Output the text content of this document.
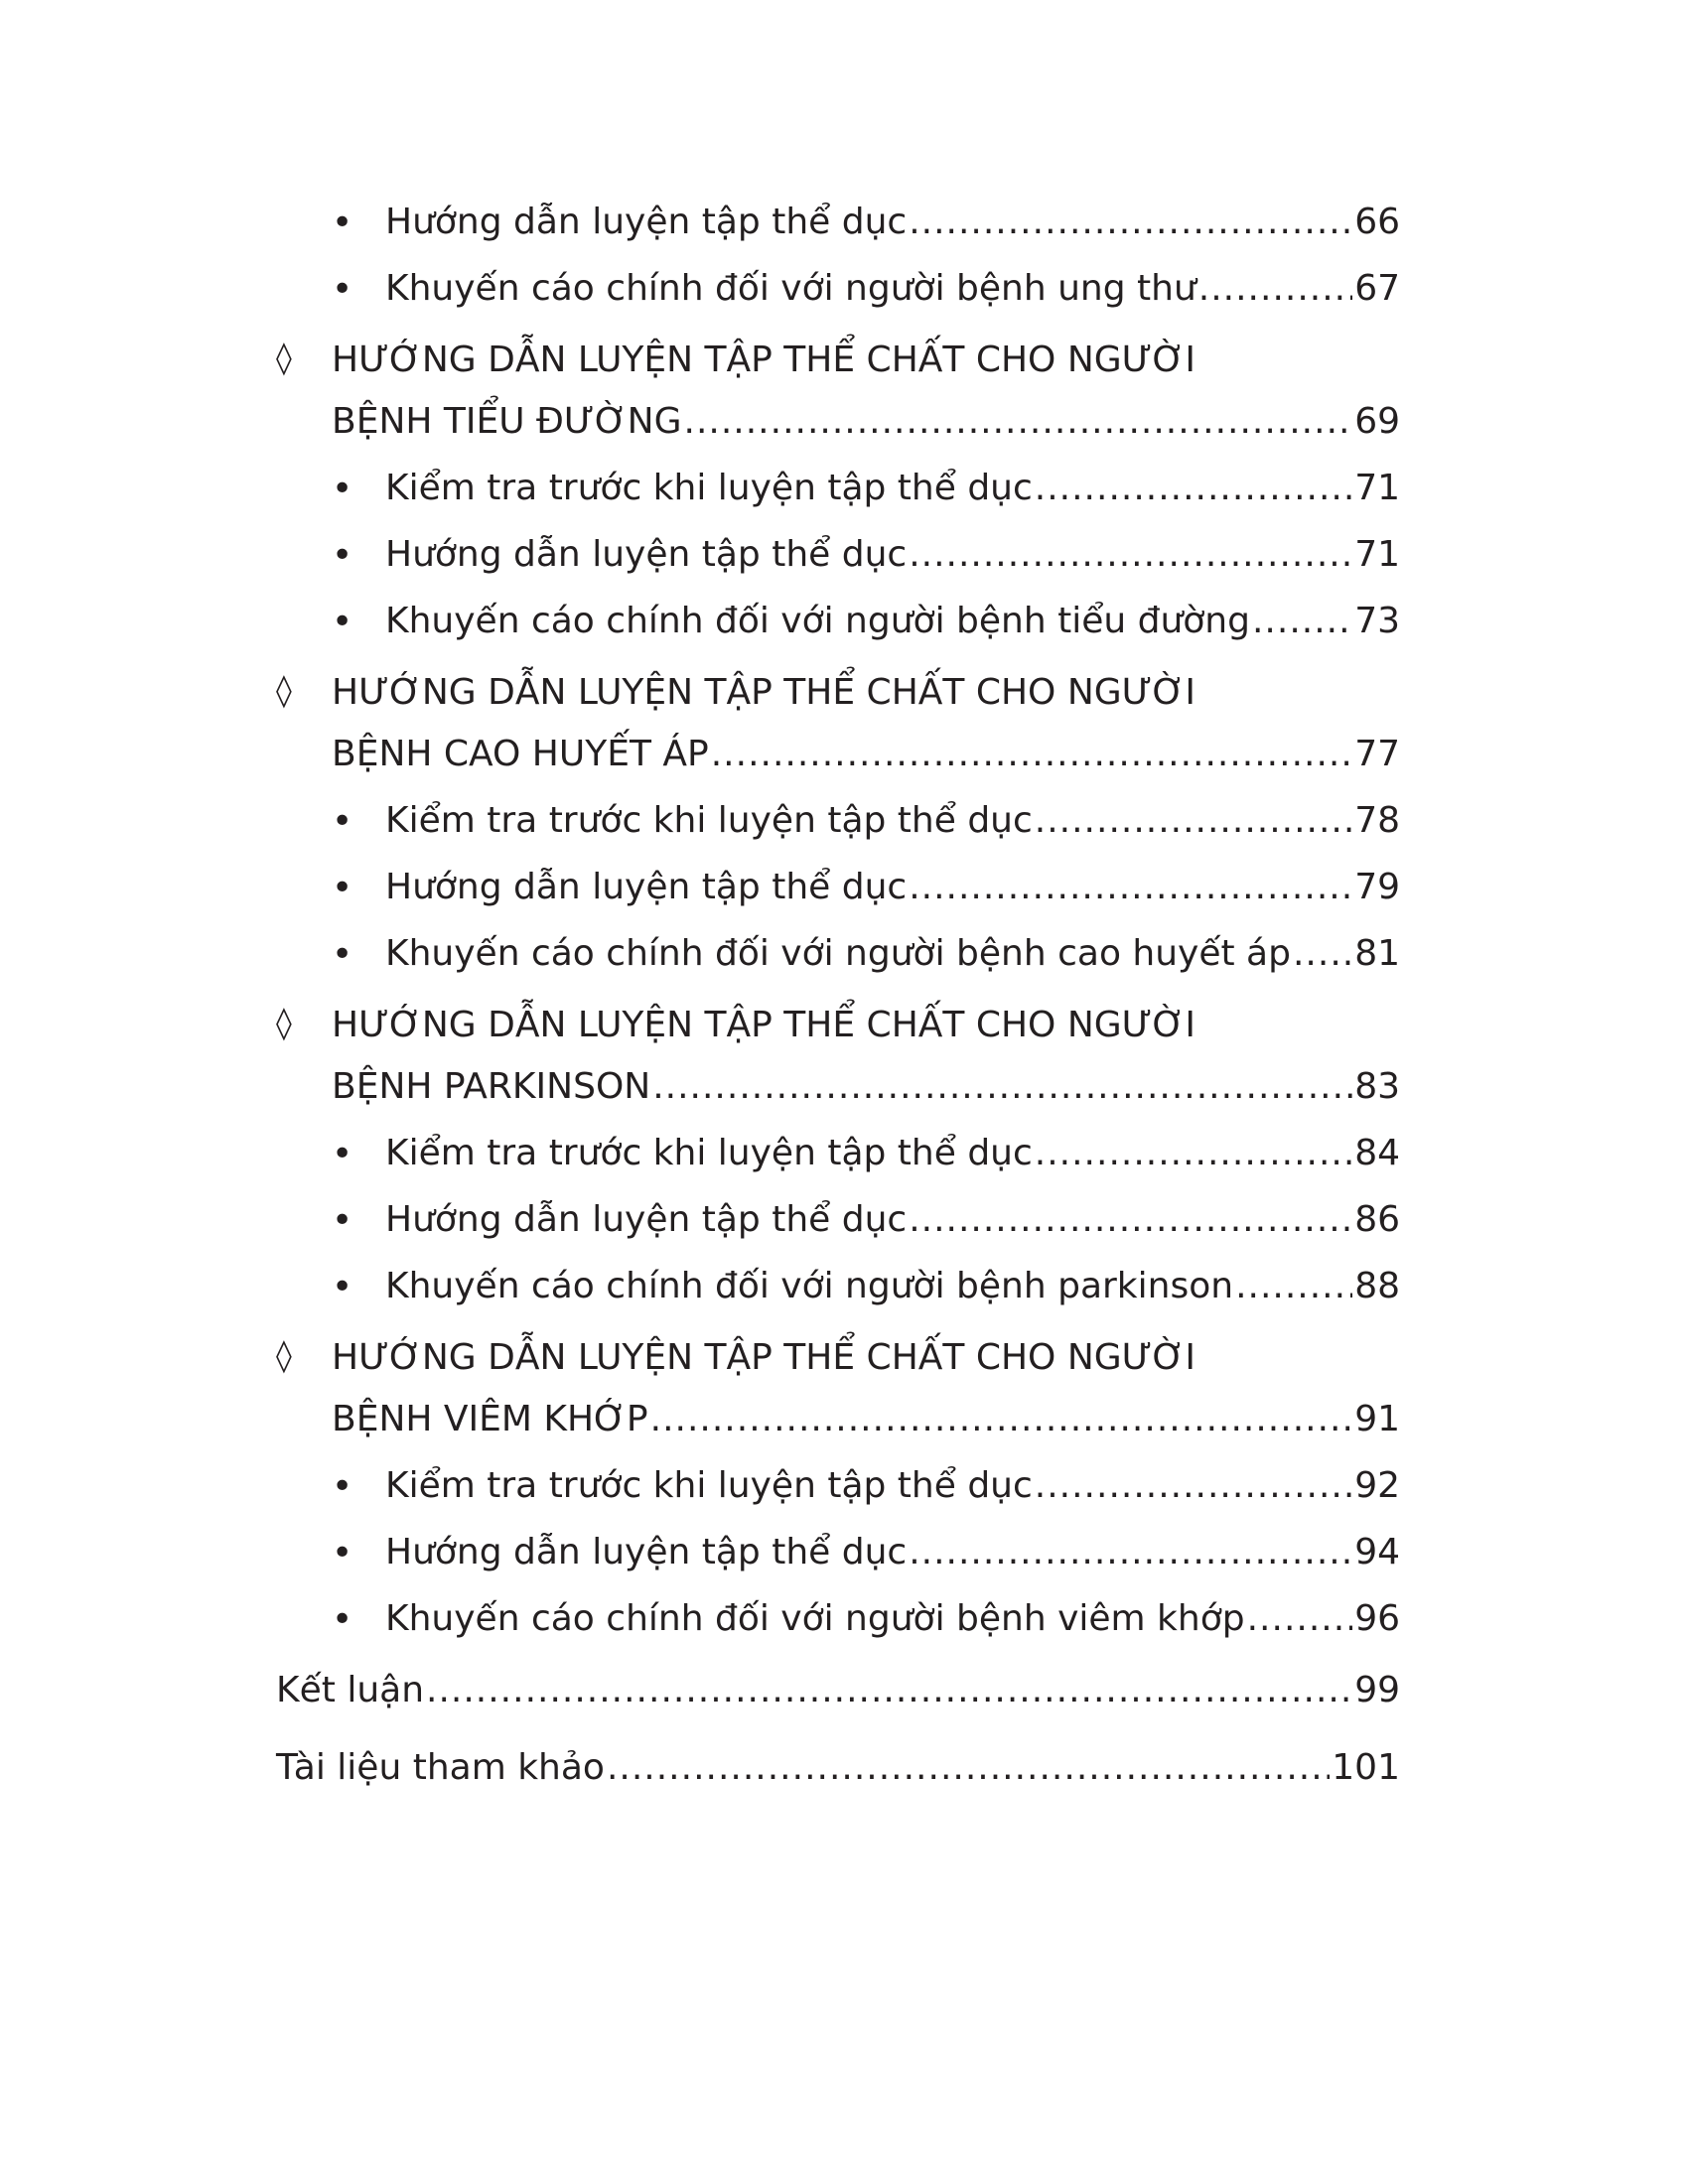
• Hướng dẫn luyện tập thể dục .....	66
• Khuyến cáo chính đối với người bệnh ung thư .....	67
◊ HƯỚNG DẪN LUYỆN TẬP THỂ CHẤT CHO NGƯỜI
BỆNH TIỂU ĐƯỜNG .....	69
• Kiểm tra trước khi luyện tập thể dục .....	71
• Hướng dẫn luyện tập thể dục .....	71
• Khuyến cáo chính đối với người bệnh tiểu đường .....	73
◊ HƯỚNG DẪN LUYỆN TẬP THỂ CHẤT CHO NGƯỜI
BỆNH CAO HUYẾT ÁP .....	77
• Kiểm tra trước khi luyện tập thể dục .....	78
• Hướng dẫn luyện tập thể dục .....	79
• Khuyến cáo chính đối với người bệnh cao huyết áp ..... 81
◊ HƯỚNG DẪN LUYỆN TẬP THỂ CHẤT CHO NGƯỜI
BỆNH PARKINSON .....	83
• Kiểm tra trước khi luyện tập thể dục .....	84
• Hướng dẫn luyện tập thể dục .....	86
• Khuyến cáo chính đối với người bệnh parkinson .....	88
◊ HƯỚNG DẪN LUYỆN TẬP THỂ CHẤT CHO NGƯỜI
BỆNH VIÊM KHỚP .....	91
• Kiểm tra trước khi luyện tập thể dục .....	92
• Hướng dẫn luyện tập thể dục .....	94
• Khuyến cáo chính đối với người bệnh viêm khớp .....	96
Kết luận .....	99
Tài liệu tham khảo .....	101
